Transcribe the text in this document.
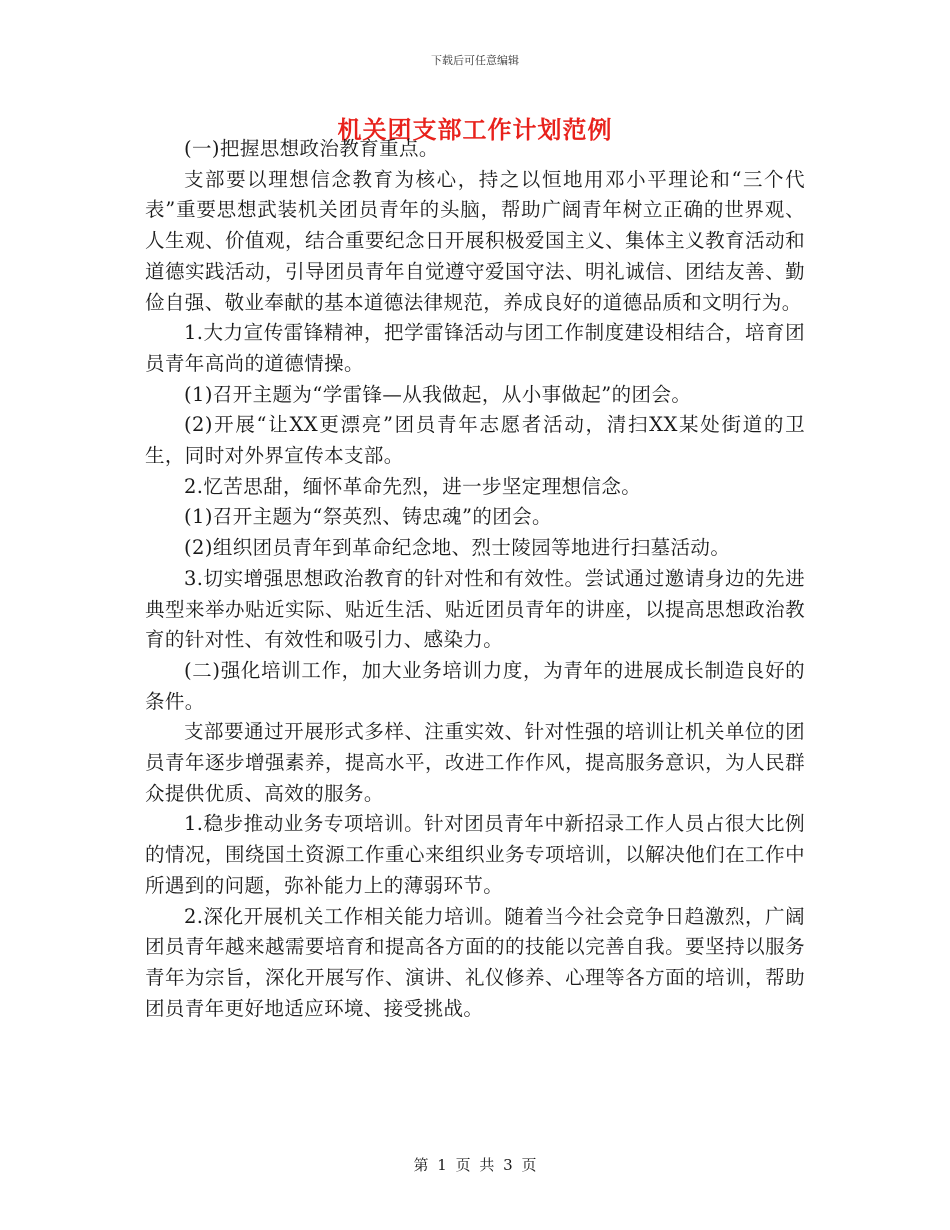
下载后可任意编辑
机关团支部工作计划范例

(一)把握思想政治教育重点。

支部要以理想信念教育为核心，持之以恒地用邓小平理论和“三个代表”重要思想武装机关团员青年的头脑，帮助广阔青年树立正确的世界观、人生观、价值观，结合重要纪念日开展积极爱国主义、集体主义教育活动和道德实践活动，引导团员青年自觉遵守爱国守法、明礼诚信、团结友善、勤俭自强、敬业奉献的基本道德法律规范，养成良好的道德品质和文明行为。

1.大力宣传雷锋精神，把学雷锋活动与团工作制度建设相结合，培育团员青年高尚的道德情操。

(1)召开主题为“学雷锋—从我做起，从小事做起”的团会。

(2)开展“让XX更漂亮”团员青年志愿者活动，清扫XX某处街道的卫生，同时对外界宣传本支部。

2.忆苦思甜，缅怀革命先烈，进一步坚定理想信念。

(1)召开主题为“祭英烈、铸忠魂”的团会。

(2)组织团员青年到革命纪念地、烈士陵园等地进行扫墓活动。

3.切实增强思想政治教育的针对性和有效性。尝试通过邀请身边的先进典型来举办贴近实际、贴近生活、贴近团员青年的讲座，以提高思想政治教育的针对性、有效性和吸引力、感染力。

(二)强化培训工作，加大业务培训力度，为青年的进展成长制造良好的条件。

支部要通过开展形式多样、注重实效、针对性强的培训让机关单位的团员青年逐步增强素养，提高水平，改进工作作风，提高服务意识，为人民群众提供优质、高效的服务。

1.稳步推动业务专项培训。针对团员青年中新招录工作人员占很大比例的情况，围绕国土资源工作重心来组织业务专项培训，以解决他们在工作中所遇到的问题，弥补能力上的薄弱环节。

2.深化开展机关工作相关能力培训。随着当今社会竞争日趋激烈，广阔团员青年越来越需要培育和提高各方面的的技能以完善自我。要坚持以服务青年为宗旨，深化开展写作、演讲、礼仪修养、心理等各方面的培训，帮助团员青年更好地适应环境、接受挑战。

第 1 页 共 3 页
